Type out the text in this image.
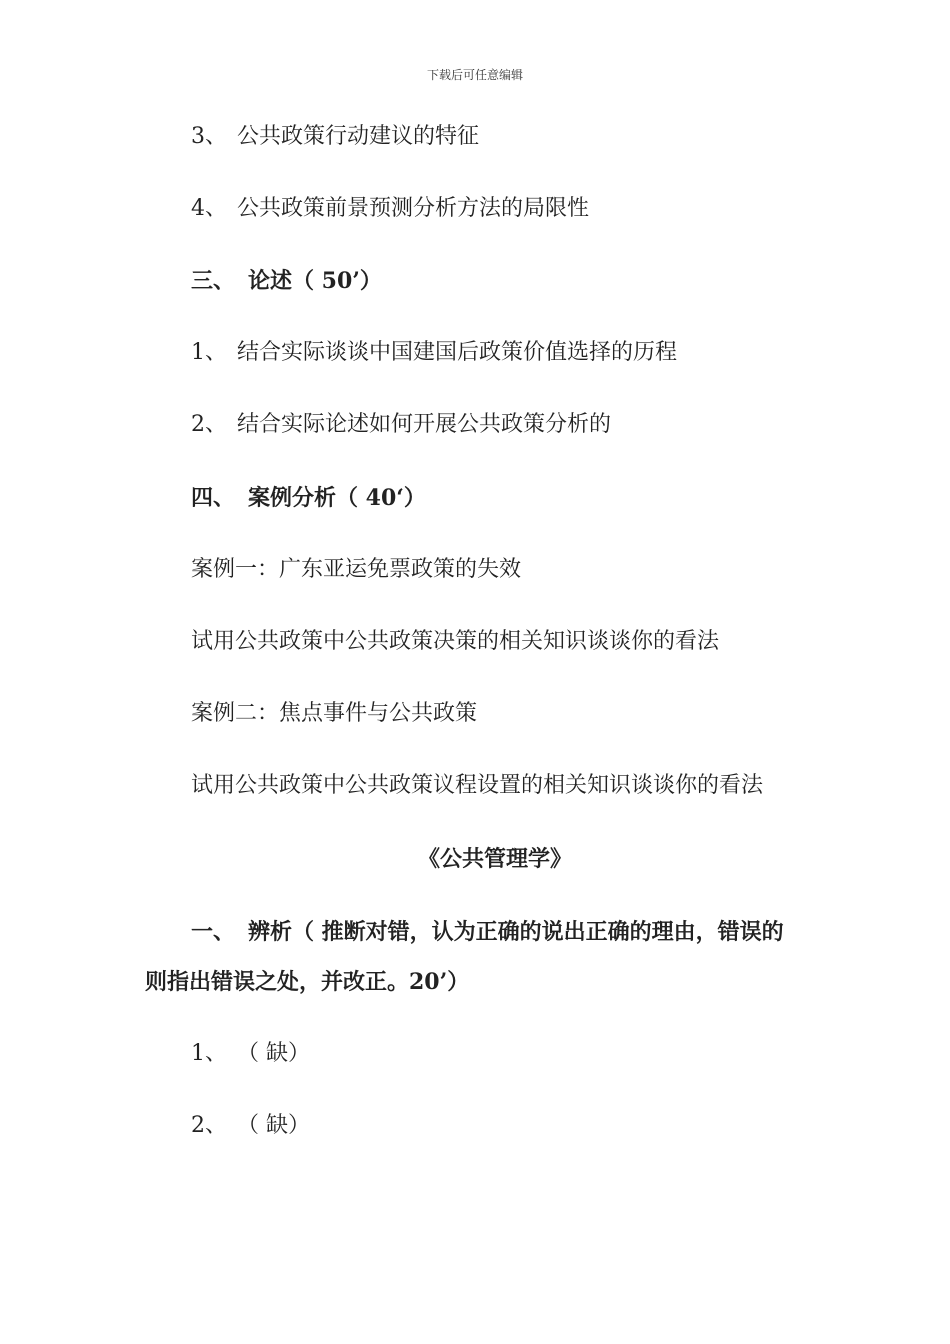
下载后可任意编辑
3、 公共政策行动建议的特征
4、 公共政策前景预测分析方法的局限性
三、 论述（ 50’）
1、 结合实际谈谈中国建国后政策价值选择的历程
2、 结合实际论述如何开展公共政策分析的
四、 案例分析（ 40‘）
案例一：广东亚运免票政策的失效
试用公共政策中公共政策决策的相关知识谈谈你的看法
案例二：焦点事件与公共政策
试用公共政策中公共政策议程设置的相关知识谈谈你的看法
《公共管理学》
一、 辨析（ 推断对错，认为正确的说出正确的理由，错误的
则指出错误之处，并改正。20’）
1、 （ 缺）
2、 （ 缺）
